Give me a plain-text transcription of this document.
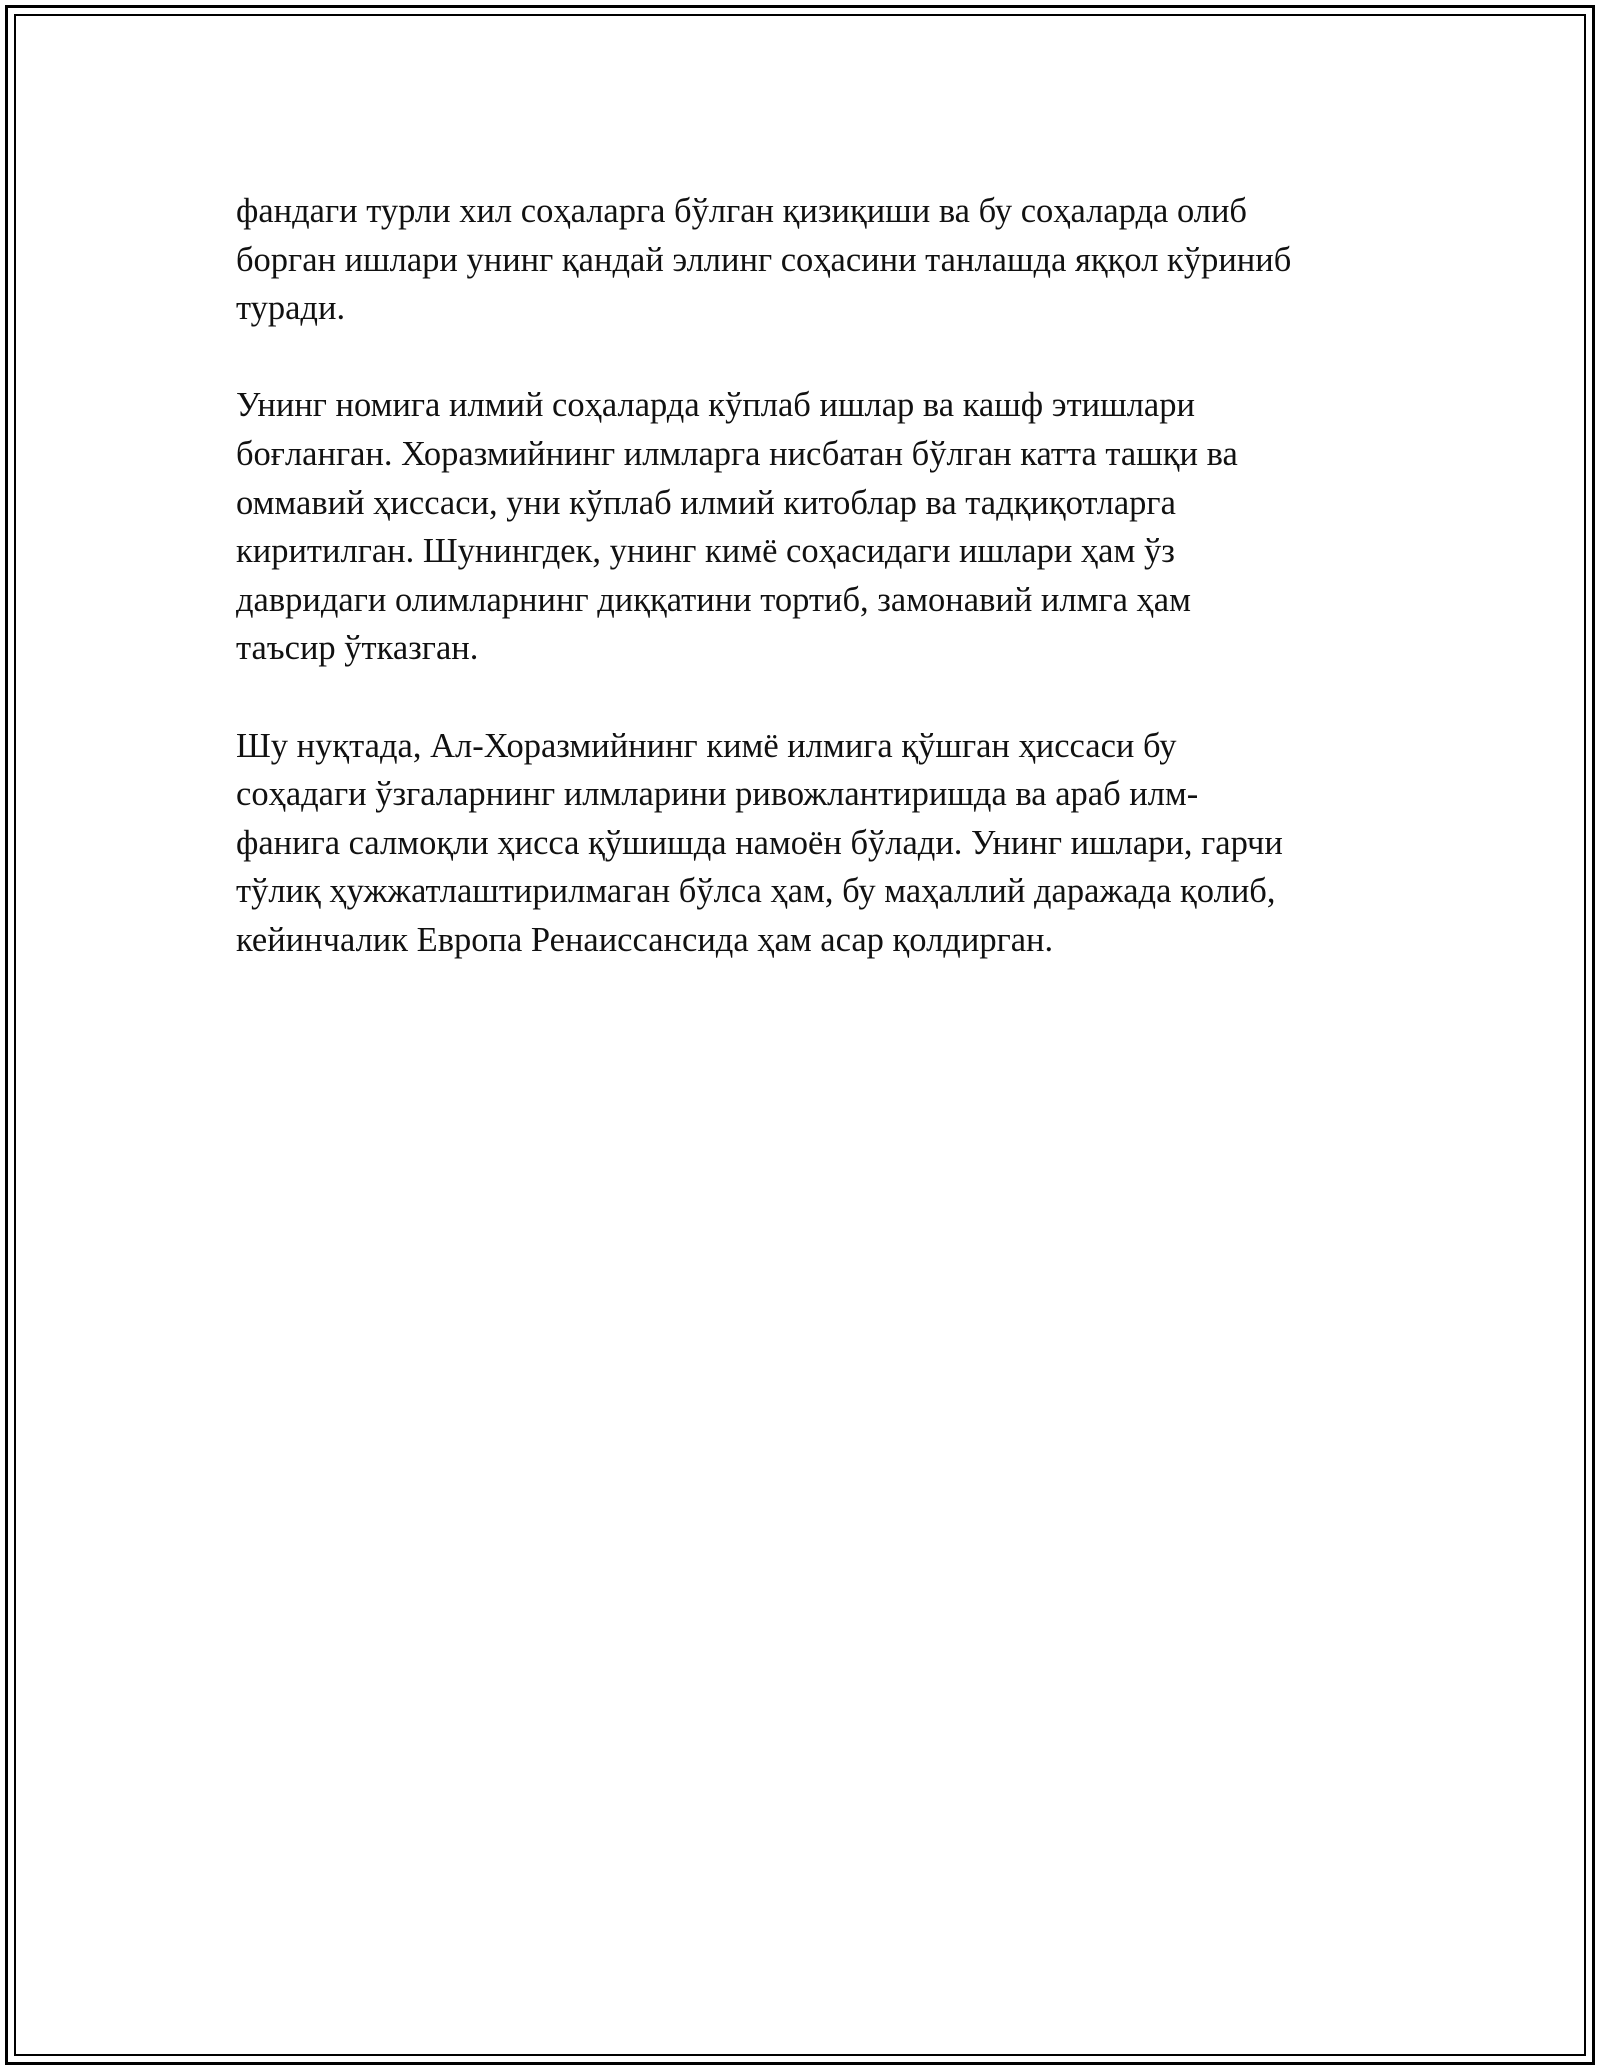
фандаги турли хил соҳаларга бўлган қизиқиши ва бу соҳаларда олиб
борган ишлари унинг қандай эллинг соҳасини танлашда яққол кўриниб
туради.

Унинг номига илмий соҳаларда кўплаб ишлар ва кашф этишлари
боғланган. Хоразмийнинг илмларга нисбатан бўлган катта ташқи ва
оммавий ҳиссаси, уни кўплаб илмий китоблар ва тадқиқотларга
киритилган. Шунингдек, унинг кимё соҳасидаги ишлари ҳам ўз
давридаги олимларнинг диққатини тортиб, замонавий илмга ҳам
таъсир ўтказган.

Шу нуқтада, Ал-Хоразмийнинг кимё илмига қўшган ҳиссаси бу
соҳадаги ўзгаларнинг илмларини ривожлантиришда ва араб илм-
фанига салмоқли ҳисса қўшишда намоён бўлади. Унинг ишлари, гарчи
тўлиқ ҳужжатлаштирилмаган бўлса ҳам, бу маҳаллий даражада қолиб,
кейинчалик Европа Ренаиссансида ҳам асар қолдирган.
